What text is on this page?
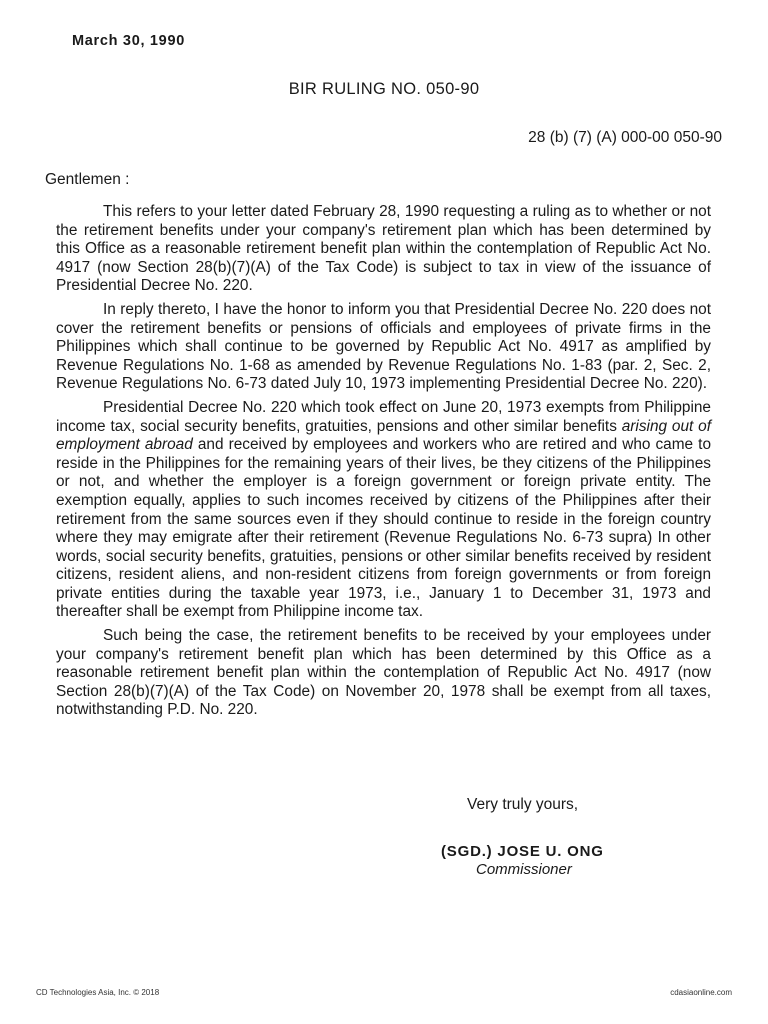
March 30, 1990
BIR RULING NO. 050-90
28 (b) (7) (A) 000-00 050-90
Gentlemen :

This refers to your letter dated February 28, 1990 requesting a ruling as to whether or not the retirement benefits under your company's retirement plan which has been determined by this Office as a reasonable retirement benefit plan within the contemplation of Republic Act No. 4917 (now Section 28(b)(7)(A) of the Tax Code) is subject to tax in view of the issuance of Presidential Decree No. 220.

In reply thereto, I have the honor to inform you that Presidential Decree No. 220 does not cover the retirement benefits or pensions of officials and employees of private firms in the Philippines which shall continue to be governed by Republic Act No. 4917 as amplified by Revenue Regulations No. 1-68 as amended by Revenue Regulations No. 1-83 (par. 2, Sec. 2, Revenue Regulations No. 6-73 dated July 10, 1973 implementing Presidential Decree No. 220).

Presidential Decree No. 220 which took effect on June 20, 1973 exempts from Philippine income tax, social security benefits, gratuities, pensions and other similar benefits arising out of employment abroad and received by employees and workers who are retired and who came to reside in the Philippines for the remaining years of their lives, be they citizens of the Philippines or not, and whether the employer is a foreign government or foreign private entity. The exemption equally, applies to such incomes received by citizens of the Philippines after their retirement from the same sources even if they should continue to reside in the foreign country where they may emigrate after their retirement (Revenue Regulations No. 6-73 supra) In other words, social security benefits, gratuities, pensions or other similar benefits received by resident citizens, resident aliens, and non-resident citizens from foreign governments or from foreign private entities during the taxable year 1973, i.e., January 1 to December 31, 1973 and thereafter shall be exempt from Philippine income tax.

Such being the case, the retirement benefits to be received by your employees under your company's retirement benefit plan which has been determined by this Office as a reasonable retirement benefit plan within the contemplation of Republic Act No. 4917 (now Section 28(b)(7)(A) of the Tax Code) on November 20, 1978 shall be exempt from all taxes, notwithstanding P.D. No. 220.

Very truly yours,
(SGD.) JOSE U. ONG
Commissioner
CD Technologies Asia, Inc. © 2018	cdasiaonline.com
